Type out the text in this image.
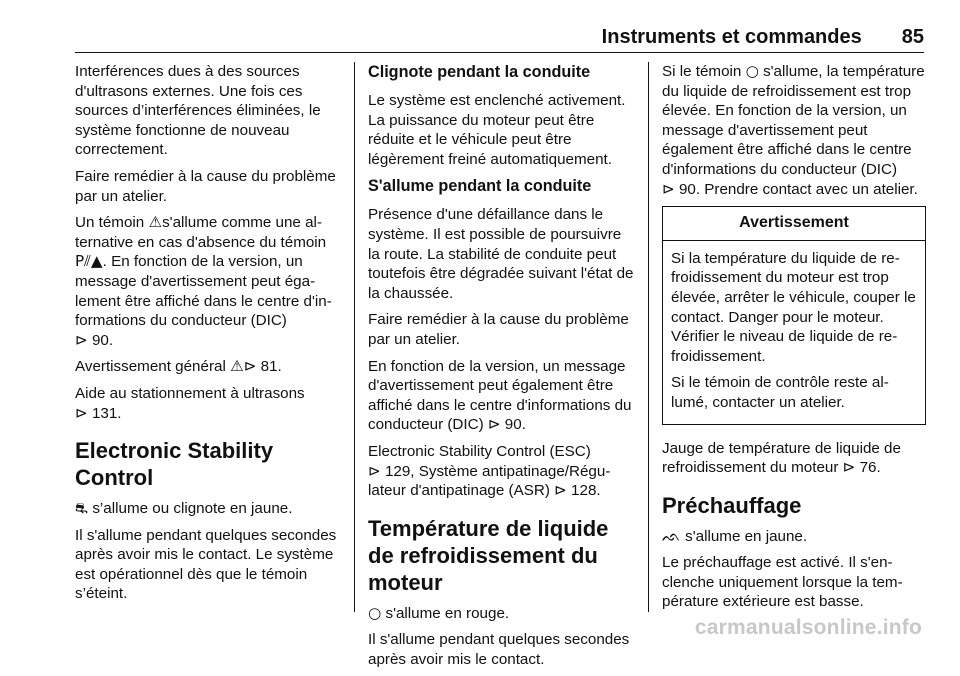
Instruments et commandes 85

Interférences dues à des sources d'ultrasons externes. Une fois ces sources d’interférences éliminées, le système fonctionne de nouveau correctement.

Faire remédier à la cause du problème par un atelier.

Un témoin ⚠s'allume comme une alternative en cas d'absence du témoin P⫽▲. En fonction de la version, un message d'avertissement peut également être affiché dans le centre d'informations du conducteur (DIC)
⊳ 90.

Avertissement général ⚠⊳ 81.

Aide au stationnement à ultrasons
⊳ 131.

Electronic Stability Control

⛐ s’allume ou clignote en jaune.

Il s'allume pendant quelques secondes après avoir mis le contact. Le système est opérationnel dès que le témoin s’éteint.

Clignote pendant la conduite

Le système est enclenché activement. La puissance du moteur peut être réduite et le véhicule peut être légèrement freiné automatiquement.

S'allume pendant la conduite

Présence d'une défaillance dans le système. Il est possible de poursuivre la route. La stabilité de conduite peut toutefois être dégradée suivant l'état de la chaussée.

Faire remédier à la cause du problème par un atelier.

En fonction de la version, un message d'avertissement peut également être affiché dans le centre d'informations du conducteur (DIC) ⊳ 90.

Electronic Stability Control (ESC)
⊳ 129, Système antipatinage/Régulateur d'antipatinage (ASR) ⊳ 128.

Température de liquide de refroidissement du moteur

○ s'allume en rouge.

Il s'allume pendant quelques secondes après avoir mis le contact.

Si le témoin ○ s'allume, la température du liquide de refroidissement est trop élevée. En fonction de la version, un message d'avertissement peut également être affiché dans le centre d'informations du conducteur (DIC)
⊳ 90. Prendre contact avec un atelier.

Avertissement

Si la température du liquide de refroidissement du moteur est trop élevée, arrêter le véhicule, couper le contact. Danger pour le moteur. Vérifier le niveau de liquide de refroidissement.

Si le témoin de contrôle reste allumé, contacter un atelier.

Jauge de température de liquide de refroidissement du moteur ⊳ 76.

Préchauffage

ᨒ s'allume en jaune.

Le préchauffage est activé. Il s'enclenche uniquement lorsque la température extérieure est basse.

carmanualsonline.info
